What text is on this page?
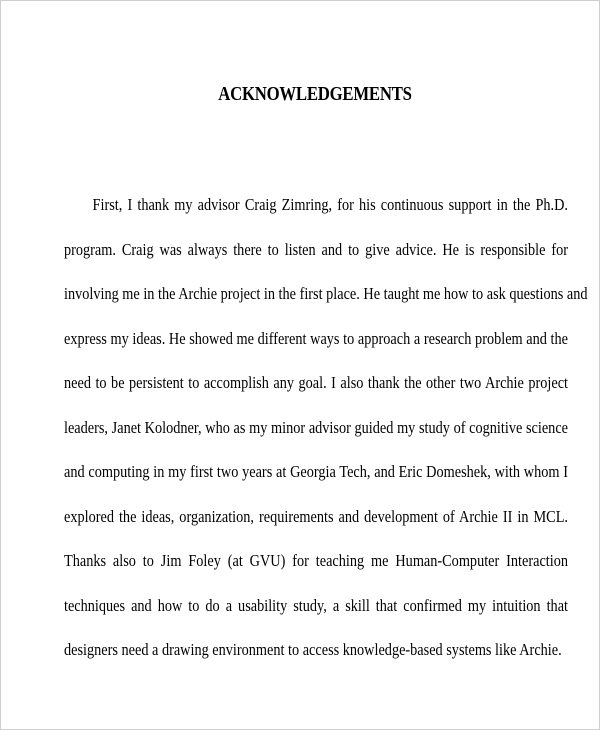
ACKNOWLEDGEMENTS
First, I thank my advisor Craig Zimring, for his continuous support in the Ph.D.
program. Craig was always there to listen and to give advice. He is responsible for
involving me in the Archie project in the first place. He taught me how to ask questions and
express my ideas. He showed me different ways to approach a research problem and the
need to be persistent to accomplish any goal. I also thank the other two Archie project
leaders, Janet Kolodner, who as my minor advisor guided my study of cognitive science
and computing in my first two years at Georgia Tech, and Eric Domeshek, with whom I
explored the ideas, organization, requirements and development of Archie II in MCL.
Thanks also to Jim Foley (at GVU) for teaching me Human-Computer Interaction
techniques and how to do a usability study, a skill that confirmed my intuition that
designers need a drawing environment to access knowledge-based systems like Archie.
